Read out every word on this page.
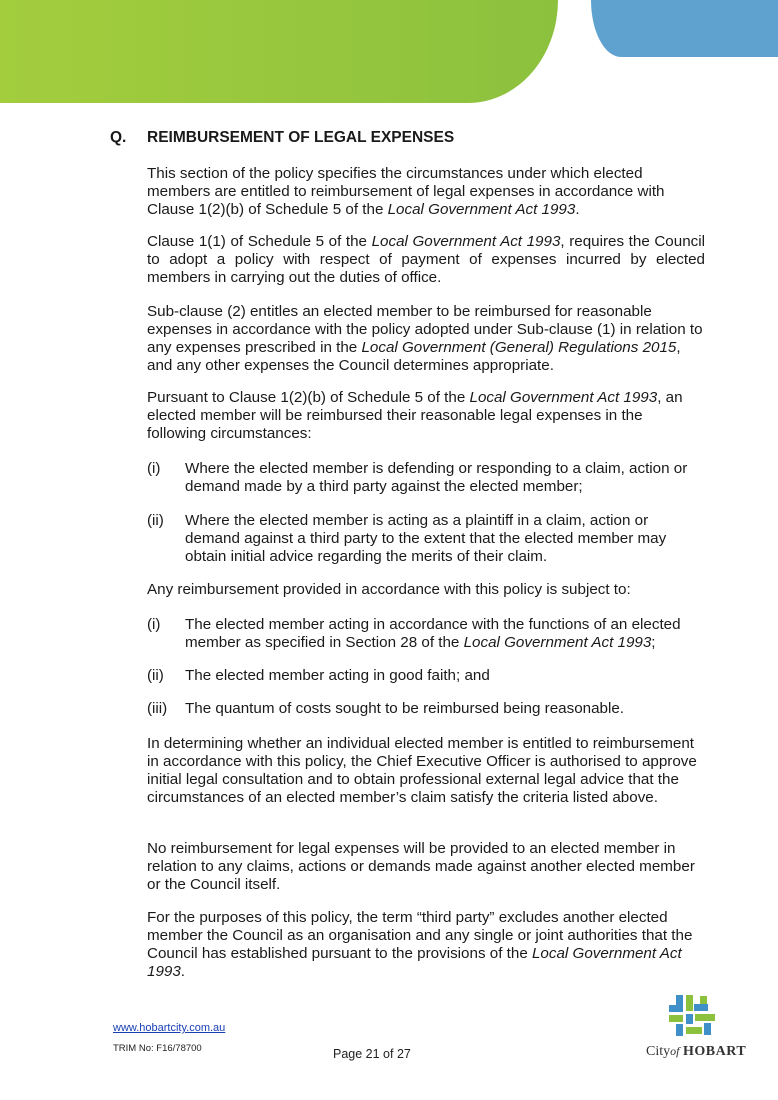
Q. REIMBURSEMENT OF LEGAL EXPENSES

This section of the policy specifies the circumstances under which elected members are entitled to reimbursement of legal expenses in accordance with Clause 1(2)(b) of Schedule 5 of the Local Government Act 1993.

Clause 1(1) of Schedule 5 of the Local Government Act 1993, requires the Council to adopt a policy with respect of payment of expenses incurred by elected members in carrying out the duties of office.

Sub-clause (2) entitles an elected member to be reimbursed for reasonable expenses in accordance with the policy adopted under Sub-clause (1) in relation to any expenses prescribed in the Local Government (General) Regulations 2015, and any other expenses the Council determines appropriate.

Pursuant to Clause 1(2)(b) of Schedule 5 of the Local Government Act 1993, an elected member will be reimbursed their reasonable legal expenses in the following circumstances:

(i) Where the elected member is defending or responding to a claim, action or demand made by a third party against the elected member;
(ii) Where the elected member is acting as a plaintiff in a claim, action or demand against a third party to the extent that the elected member may obtain initial advice regarding the merits of their claim.

Any reimbursement provided in accordance with this policy is subject to:

(i) The elected member acting in accordance with the functions of an elected member as specified in Section 28 of the Local Government Act 1993;
(ii) The elected member acting in good faith; and
(iii) The quantum of costs sought to be reimbursed being reasonable.

In determining whether an individual elected member is entitled to reimbursement in accordance with this policy, the Chief Executive Officer is authorised to approve initial legal consultation and to obtain professional external legal advice that the circumstances of an elected member’s claim satisfy the criteria listed above.

No reimbursement for legal expenses will be provided to an elected member in relation to any claims, actions or demands made against another elected member or the Council itself.

For the purposes of this policy, the term “third party” excludes another elected member the Council as an organisation and any single or joint authorities that the Council has established pursuant to the provisions of the Local Government Act 1993.

www.hobartcity.com.au
TRIM No: F16/78700	Page 21 of 27	Cityof HOBART
